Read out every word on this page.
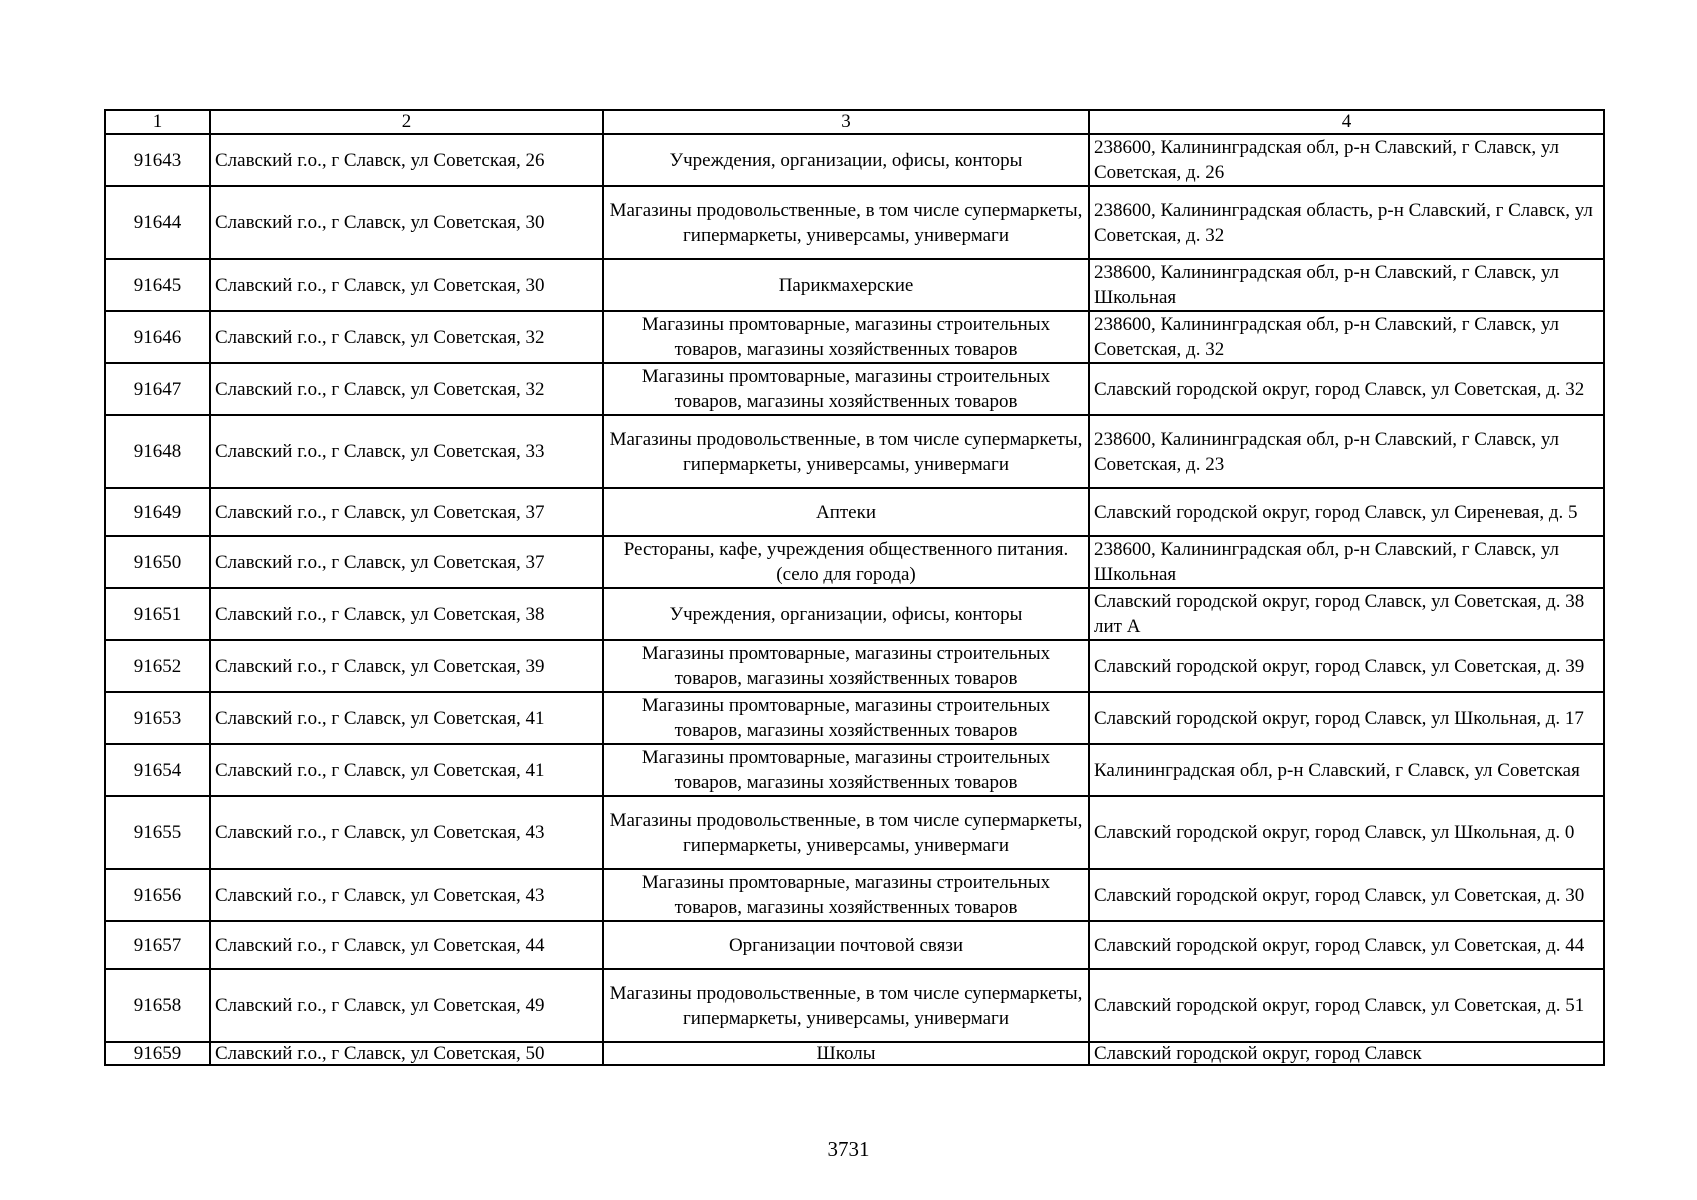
1	2	3	4
91643	Славский г.о., г Славск, ул Советская, 26	Учреждения, организации, офисы, конторы	238600, Калининградская обл, р-н Славский, г Славск, ул Советская, д. 26
91644	Славский г.о., г Славск, ул Советская, 30	Магазины продовольственные, в том числе супермаркеты, гипермаркеты, универсамы, универмаги	238600, Калининградская область, р-н Славский, г Славск, ул Советская, д. 32
91645	Славский г.о., г Славск, ул Советская, 30	Парикмахерские	238600, Калининградская обл, р-н Славский, г Славск, ул Школьная
91646	Славский г.о., г Славск, ул Советская, 32	Магазины промтоварные, магазины строительных товаров, магазины хозяйственных товаров	238600, Калининградская обл, р-н Славский, г Славск, ул Советская, д. 32
91647	Славский г.о., г Славск, ул Советская, 32	Магазины промтоварные, магазины строительных товаров, магазины хозяйственных товаров	Славский городской округ, город Славск, ул Советская, д. 32
91648	Славский г.о., г Славск, ул Советская, 33	Магазины продовольственные, в том числе супермаркеты, гипермаркеты, универсамы, универмаги	238600, Калининградская обл, р-н Славский, г Славск, ул Советская, д. 23
91649	Славский г.о., г Славск, ул Советская, 37	Аптеки	Славский городской округ, город Славск, ул Сиреневая, д. 5
91650	Славский г.о., г Славск, ул Советская, 37	Рестораны, кафе, учреждения общественного питания. (село для города)	238600, Калининградская обл, р-н Славский, г Славск, ул Школьная
91651	Славский г.о., г Славск, ул Советская, 38	Учреждения, организации, офисы, конторы	Славский городской округ, город Славск, ул Советская, д. 38 лит А
91652	Славский г.о., г Славск, ул Советская, 39	Магазины промтоварные, магазины строительных товаров, магазины хозяйственных товаров	Славский городской округ, город Славск, ул Советская, д. 39
91653	Славский г.о., г Славск, ул Советская, 41	Магазины промтоварные, магазины строительных товаров, магазины хозяйственных товаров	Славский городской округ, город Славск, ул Школьная, д. 17
91654	Славский г.о., г Славск, ул Советская, 41	Магазины промтоварные, магазины строительных товаров, магазины хозяйственных товаров	Калининградская обл, р-н Славский, г Славск, ул Советская
91655	Славский г.о., г Славск, ул Советская, 43	Магазины продовольственные, в том числе супермаркеты, гипермаркеты, универсамы, универмаги	Славский городской округ, город Славск, ул Школьная, д. 0
91656	Славский г.о., г Славск, ул Советская, 43	Магазины промтоварные, магазины строительных товаров, магазины хозяйственных товаров	Славский городской округ, город Славск, ул Советская, д. 30
91657	Славский г.о., г Славск, ул Советская, 44	Организации почтовой связи	Славский городской округ, город Славск, ул Советская, д. 44
91658	Славский г.о., г Славск, ул Советская, 49	Магазины продовольственные, в том числе супермаркеты, гипермаркеты, универсамы, универмаги	Славский городской округ, город Славск, ул Советская, д. 51
91659	Славский г.о., г Славск, ул Советская, 50	Школы	Славский городской округ, город Славск
3731
